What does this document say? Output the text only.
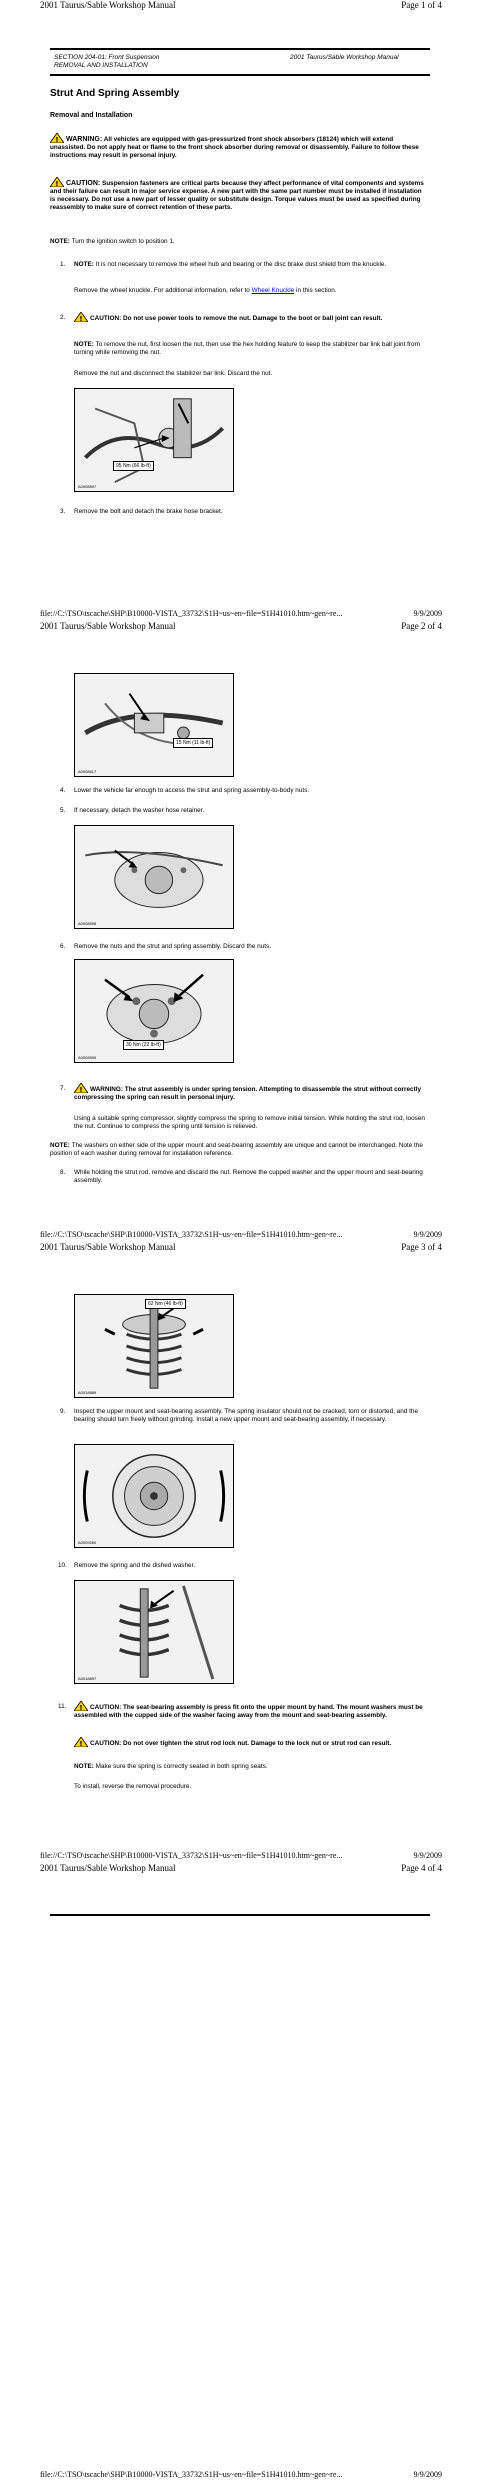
2001 Taurus/Sable Workshop Manual	Page 1 of 4
SECTION 204-01: Front Suspension
REMOVAL AND INSTALLATION
2001 Taurus/Sable Workshop Manual
Strut And Spring Assembly
Removal and Installation
! WARNING: All vehicles are equipped with gas-pressurized front shock absorbers (18124) which will extend unassisted. Do not apply heat or flame to the front shock absorber during removal or disassembly. Failure to follow these instructions may result in personal injury.
! CAUTION: Suspension fasteners are critical parts because they affect performance of vital components and systems and their failure can result in major service expense. A new part with the same part number must be installed if installation is necessary. Do not use a new part of lesser quality or substitute design. Torque values must be used as specified during reassembly to make sure of correct retention of these parts.
NOTE: Turn the ignition switch to position 1.
1. NOTE: It is not necessary to remove the wheel hub and bearing or the disc brake dust shield from the knuckle.
Remove the wheel knuckle. For additional information, refer to Wheel Knuckle in this section.
2. ! CAUTION: Do not use power tools to remove the nut. Damage to the boot or ball joint can result.
NOTE: To remove the nut, first loosen the nut, then use the hex holding feature to keep the stabilizer bar link ball joint from turning while removing the nut.
Remove the nut and disconnect the stabilizer bar link. Discard the nut.
95 Nm (66 lb-ft)
A0008597
3. Remove the bolt and detach the brake hose bracket.
file://C:\TSO\tscache\SHP\B10000-VISTA_33732\S1H~us~en~file=S1H41010.htm~gen~re...	9/9/2009
2001 Taurus/Sable Workshop Manual	Page 2 of 4
15 Nm (11 lb-ft)
A0008617
4. Lower the vehicle far enough to access the strut and spring assembly-to-body nuts.
5. If necessary, detach the washer hose retainer.
A0008598
6. Remove the nuts and the strut and spring assembly. Discard the nuts.
30 Nm (22 lb-ft)
A0008599
7. ! WARNING: The strut assembly is under spring tension. Attempting to disassemble the strut without correctly compressing the spring can result in personal injury.
Using a suitable spring compressor, slightly compress the spring to remove initial tension. While holding the strut rod, loosen the nut. Continue to compress the spring until tension is relieved.
NOTE: The washers on either side of the upper mount and seat-bearing assembly are unique and cannot be interchanged. Note the position of each washer during removal for installation reference.
8. While holding the strut rod, remove and discard the nut. Remove the cupped washer and the upper mount and seat-bearing assembly.
file://C:\TSO\tscache\SHP\B10000-VISTA_33732\S1H~us~en~file=S1H41010.htm~gen~re...	9/9/2009
2001 Taurus/Sable Workshop Manual	Page 3 of 4
62 Nm (46 lb-ft)
A0018889
9. Inspect the upper mount and seat-bearing assembly. The spring insulator should not be cracked, torn or distorted, and the bearing should turn freely without grinding. Install a new upper mount and seat-bearing assembly, if necessary.
A0009260
10. Remove the spring and the dished washer.
A0018897
11. ! CAUTION: The seat-bearing assembly is press fit onto the upper mount by hand. The mount washers must be assembled with the cupped side of the washer facing away from the mount and seat-bearing assembly.
! CAUTION: Do not over tighten the strut rod lock nut. Damage to the lock nut or strut rod can result.
NOTE: Make sure the spring is correctly seated in both spring seats.
To install, reverse the removal procedure.
file://C:\TSO\tscache\SHP\B10000-VISTA_33732\S1H~us~en~file=S1H41010.htm~gen~re...	9/9/2009
2001 Taurus/Sable Workshop Manual	Page 4 of 4
file://C:\TSO\tscache\SHP\B10000-VISTA_33732\S1H~us~en~file=S1H41010.htm~gen~re...	9/9/2009
